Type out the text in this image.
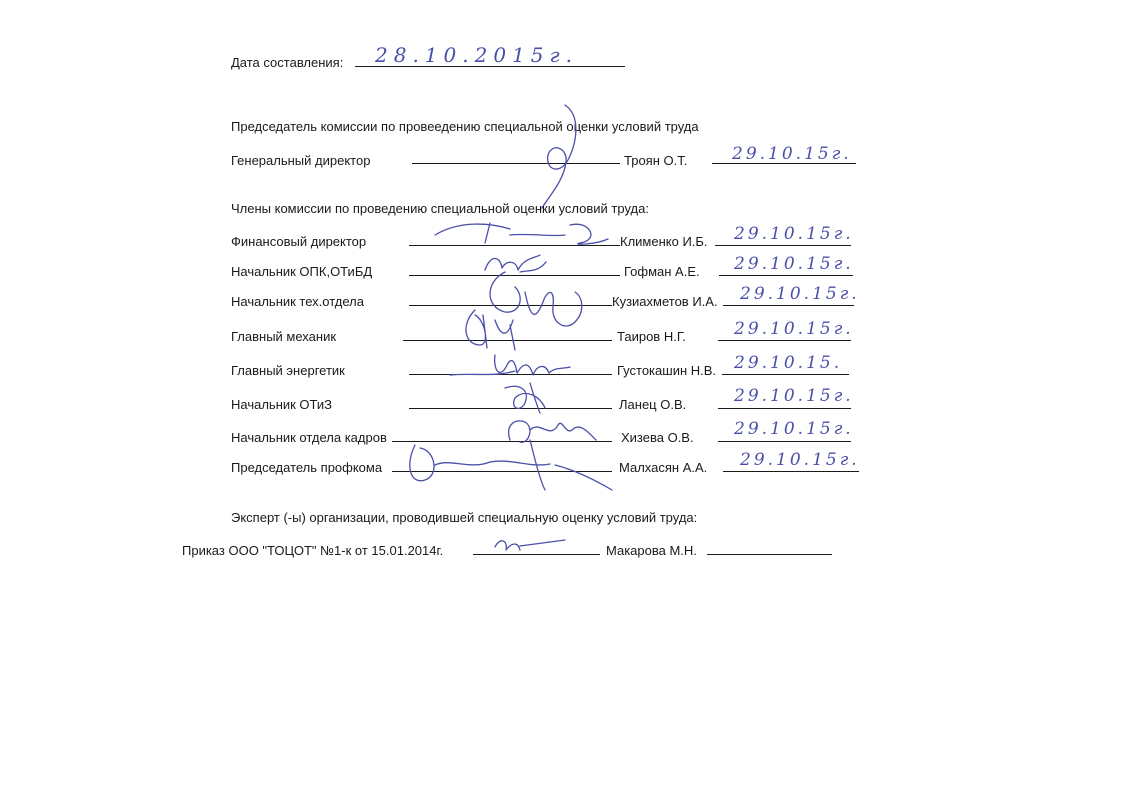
Дата составления: 28.10.2015г.
Председатель комиссии по провеедению специальной оценки условий труда
Генеральный директор	Троян О.Т.	29.10.15г.
Члены комиссии по проведению специальной оценки условий труда:
Финансовый директор	Клименко И.Б. 29.10.15г.
Начальник ОПК,ОТиБД	Гофман А.Е. 29.10.15г.
Начальник тех.отдела	Кузиахметов И.А. 29.10.15г.
Главный механик	Таиров Н.Г.	29.10.15г.
Главный энергетик	Густокашин Н.В. 29.10.15.
Начальник ОТиЗ	Ланец О.В.	29.10.15г.
Начальник отдела кадров	Хизева О.В. 29.10.15г.
Председатель профкома	Малхасян А.А. 29.10.15г.
Эксперт (-ы) организации, проводившей специальную оценку условий труда:
Приказ ООО "ТОЦОТ" №1-к от 15.01.2014г.	Макарова М.Н.
